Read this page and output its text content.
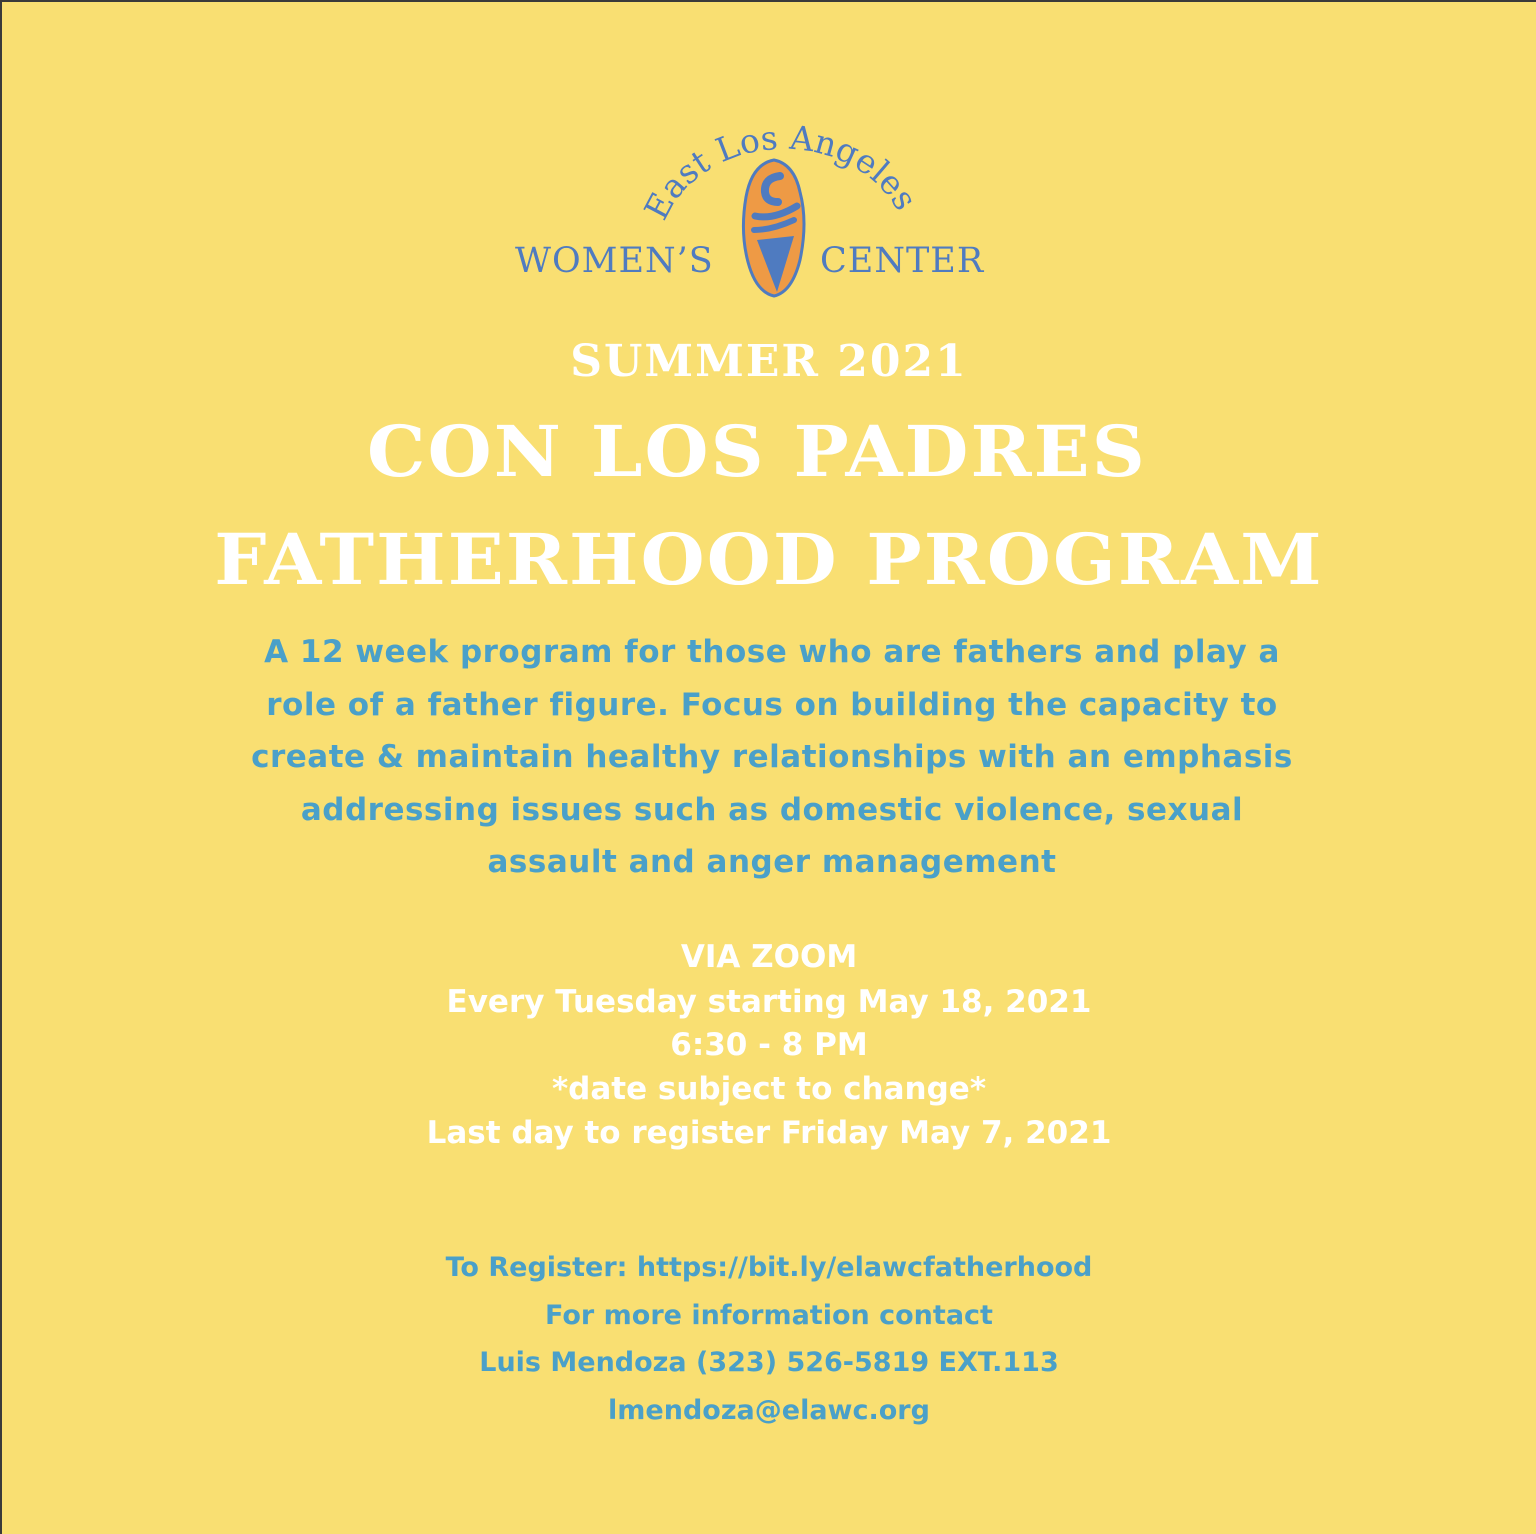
East Los Angeles
WOMEN’S	CENTER
SUMMER 2021
CON LOS PADRES
FATHERHOOD PROGRAM
A 12 week program for those who are fathers and play a
role of a father figure. Focus on building the capacity to
create & maintain healthy relationships with an emphasis
addressing issues such as domestic violence, sexual
assault and anger management
VIA ZOOM
Every Tuesday starting May 18, 2021
6:30 - 8 PM
*date subject to change*
Last day to register Friday May 7, 2021
To Register: https://bit.ly/elawcfatherhood
For more information contact
Luis Mendoza (323) 526-5819 EXT.113
lmendoza@elawc.org
